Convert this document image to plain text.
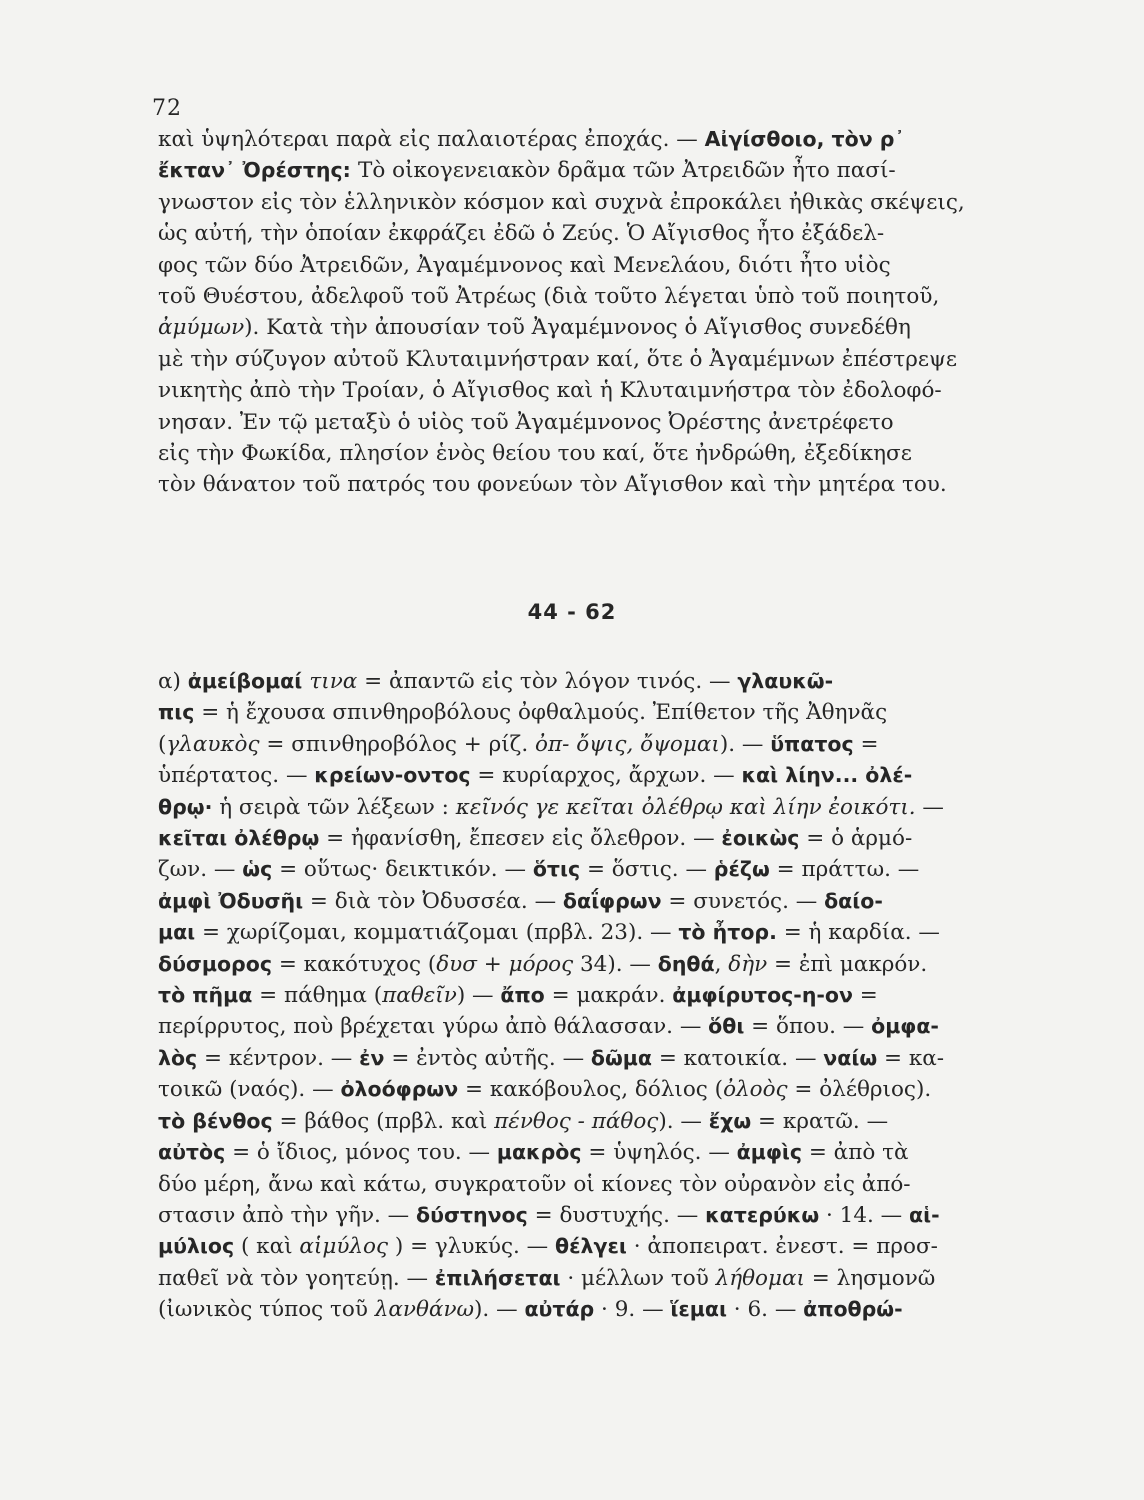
72
καὶ ὑψηλότεραι παρὰ εἰς παλαιοτέρας ἐποχάς. — Αἰγίσθοιο, τὸν ρ᾿
ἔκταν᾿ Ὀρέστης: Τὸ οἰκογενειακὸν δρᾶμα τῶν Ἀτρειδῶν ἦτο πασί-
γνωστον εἰς τὸν ἑλληνικὸν κόσμον καὶ συχνὰ ἐπροκάλει ἠθικὰς σκέψεις,
ὡς αὐτή, τὴν ὁποίαν ἐκφράζει ἐδῶ ὁ Ζεύς. Ὁ Αἴγισθος ἦτο ἐξάδελ-
φος τῶν δύο Ἀτρειδῶν, Ἀγαμέμνονος καὶ Μενελάου, διότι ἦτο υἱὸς
τοῦ Θυέστου, ἀδελφοῦ τοῦ Ἀτρέως (διὰ τοῦτο λέγεται ὑπὸ τοῦ ποιητοῦ,
ἀμύμων). Κατὰ τὴν ἀπουσίαν τοῦ Ἀγαμέμνονος ὁ Αἴγισθος συνεδέθη
μὲ τὴν σύζυγον αὐτοῦ Κλυταιμνήστραν καί, ὅτε ὁ Ἀγαμέμνων ἐπέστρεψε
νικητὴς ἀπὸ τὴν Τροίαν, ὁ Αἴγισθος καὶ ἡ Κλυταιμνήστρα τὸν ἐδολοφό-
νησαν. Ἐν τῷ μεταξὺ ὁ υἱὸς τοῦ Ἀγαμέμνονος Ὀρέστης ἀνετρέφετο
εἰς τὴν Φωκίδα, πλησίον ἑνὸς θείου του καί, ὅτε ἠνδρώθη, ἐξεδίκησε
τὸν θάνατον τοῦ πατρός του φονεύων τὸν Αἴγισθον καὶ τὴν μητέρα του.
44 - 62
α) ἀμείβομαί τινα = ἀπαντῶ εἰς τὸν λόγον τινός. — γλαυκῶ-
πις = ἡ ἔχουσα σπινθηροβόλους ὀφθαλμούς. Ἐπίθετον τῆς Ἀθηνᾶς
(γλαυκὸς = σπινθηροβόλος + ρίζ. ὀπ- ὄψις, ὄψομαι). — ὕπατος =
ὑπέρτατος. — κρείων-οντος = κυρίαρχος, ἄρχων. — καὶ λίην... ὀλέ-
θρῳ· ἡ σειρὰ τῶν λέξεων : κεῖνός γε κεῖται ὀλέθρῳ καὶ λίην ἐοικότι. —
κεῖται ὀλέθρῳ = ἠφανίσθη, ἔπεσεν εἰς ὄλεθρον. — ἐοικὼς = ὁ ἁρμό-
ζων. — ὡς = οὕτως· δεικτικόν. — ὅτις = ὅστις. — ῥέζω = πράττω. —
ἀμφὶ Ὀδυσῆι = διὰ τὸν Ὀδυσσέα. — δαΐφρων = συνετός. — δαίο-
μαι = χωρίζομαι, κομματιάζομαι (πρβλ. 23). — τὸ ἦτορ. = ἡ καρδία. —
δύσμορος = κακότυχος (δυσ + μόρος 34). — δηθά, δὴν = ἐπὶ μακρόν.
τὸ πῆμα = πάθημα (παθεῖν) — ἄπο = μακράν. ἀμφίρυτος-η-ον =
περίρρυτος, ποὺ βρέχεται γύρω ἀπὸ θάλασσαν. — ὅθι = ὅπου. — ὀμφα-
λὸς = κέντρον. — ἐν = ἐντὸς αὐτῆς. — δῶμα = κατοικία. — ναίω = κα-
τοικῶ (ναός). — ὀλοόφρων = κακόβουλος, δόλιος (ὀλοὸς = ὀλέθριος).
τὸ βένθος = βάθος (πρβλ. καὶ πένθος - πάθος). — ἔχω = κρατῶ. —
αὐτὸς = ὁ ἴδιος, μόνος του. — μακρὸς = ὑψηλός. — ἀμφὶς = ἀπὸ τὰ
δύο μέρη, ἄνω καὶ κάτω, συγκρατοῦν οἱ κίονες τὸν οὐρανὸν εἰς ἀπό-
στασιν ἀπὸ τὴν γῆν. — δύστηνος = δυστυχής. — κατερύκω · 14. — αἱ-
μύλιος ( καὶ αἱμύλος ) = γλυκύς. — θέλγει · ἀποπειρατ. ἐνεστ. = προσ-
παθεῖ νὰ τὸν γοητεύῃ. — ἐπιλήσεται · μέλλων τοῦ λήθομαι = λησμονῶ
(ἰωνικὸς τύπος τοῦ λανθάνω). — αὐτάρ · 9. — ἵεμαι · 6. — ἀποθρώ-
